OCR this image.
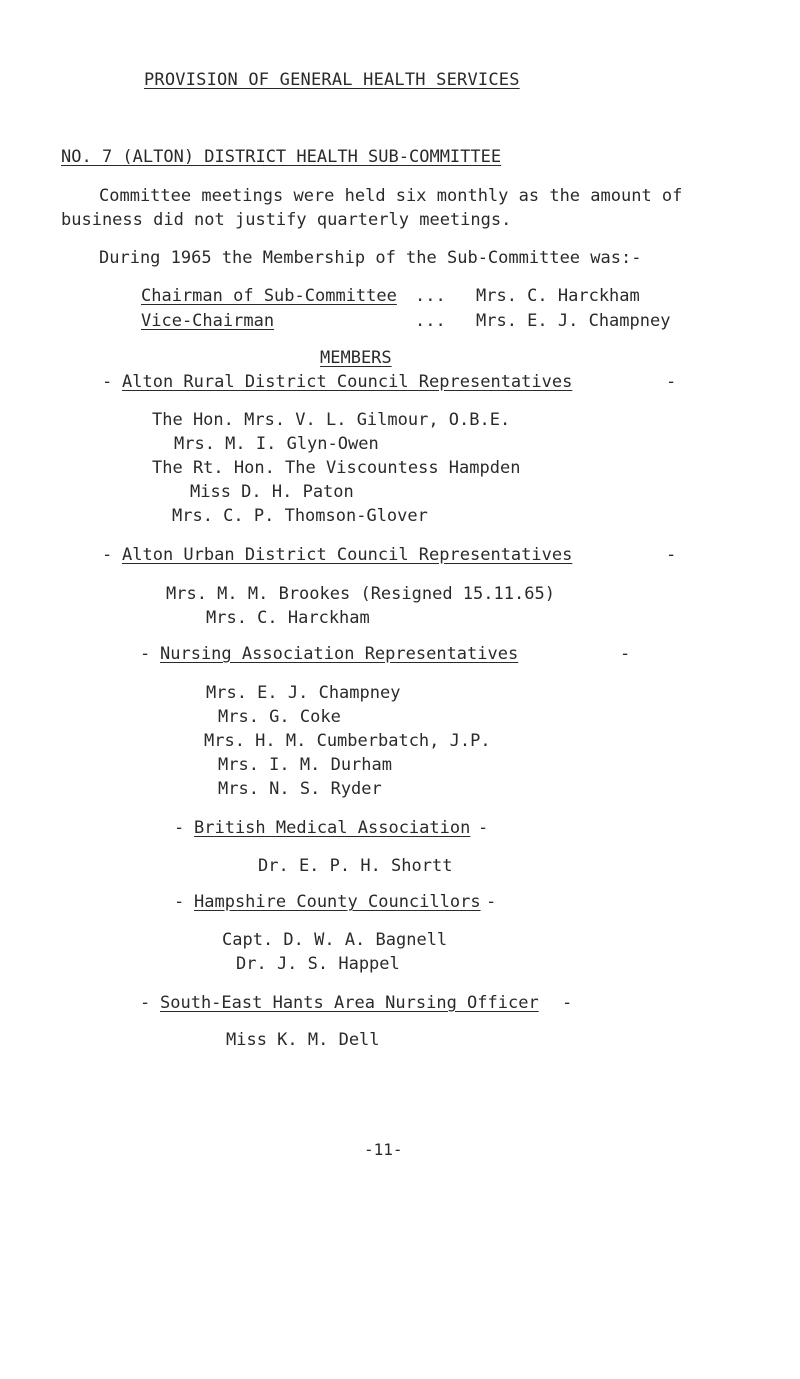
PROVISION OF GENERAL HEALTH SERVICES
NO. 7 (ALTON) DISTRICT HEALTH SUB-COMMITTEE
Committee meetings were held six monthly as the amount of
business did not justify quarterly meetings.
During 1965 the Membership of the Sub-Committee was:-
Chairman of Sub-Committee ... Mrs. C. Harckham
Vice-Chairman	... Mrs. E. J. Champney
MEMBERS
- Alton Rural District Council Representatives	-
The Hon. Mrs. V. L. Gilmour, O.B.E.
Mrs. M. I. Glyn-Owen
The Rt. Hon. The Viscountess Hampden
Miss D. H. Paton
Mrs. C. P. Thomson-Glover
- Alton Urban District Council Representatives	-
Mrs. M. M. Brookes (Resigned 15.11.65)
Mrs. C. Harckham
- Nursing Association Representatives	-
Mrs. E. J. Champney
Mrs. G. Coke
Mrs. H. M. Cumberbatch, J.P.
Mrs. I. M. Durham
Mrs. N. S. Ryder
- British Medical Association -
Dr. E. P. H. Shortt
- Hampshire County Councillors -
Capt. D. W. A. Bagnell
Dr. J. S. Happel
- South-East Hants Area Nursing Officer -
Miss K. M. Dell
-11-
